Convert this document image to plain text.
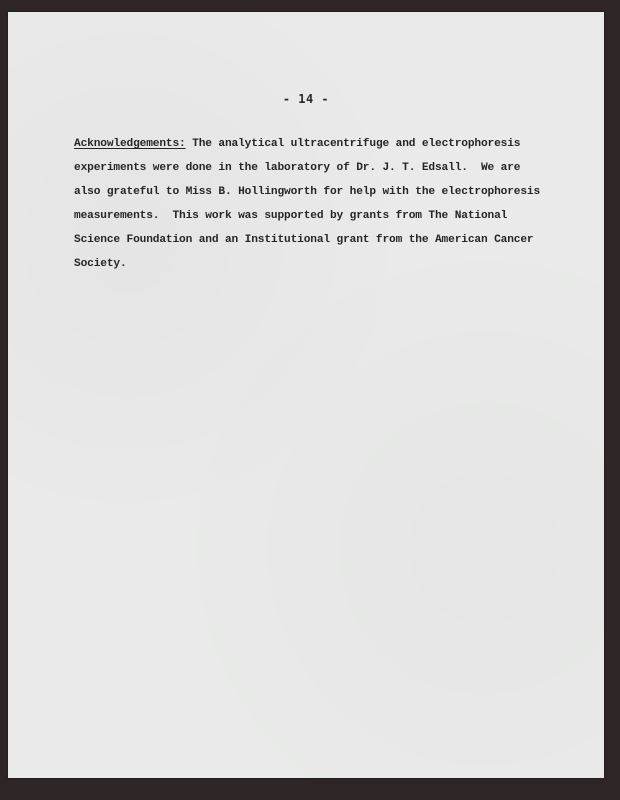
- 14 -
Acknowledgements: The analytical ultracentrifuge and electrophoresis
experiments were done in the laboratory of Dr. J. T. Edsall.  We are
also grateful to Miss B. Hollingworth for help with the electrophoresis
measurements.  This work was supported by grants from The National
Science Foundation and an Institutional grant from the American Cancer
Society.
